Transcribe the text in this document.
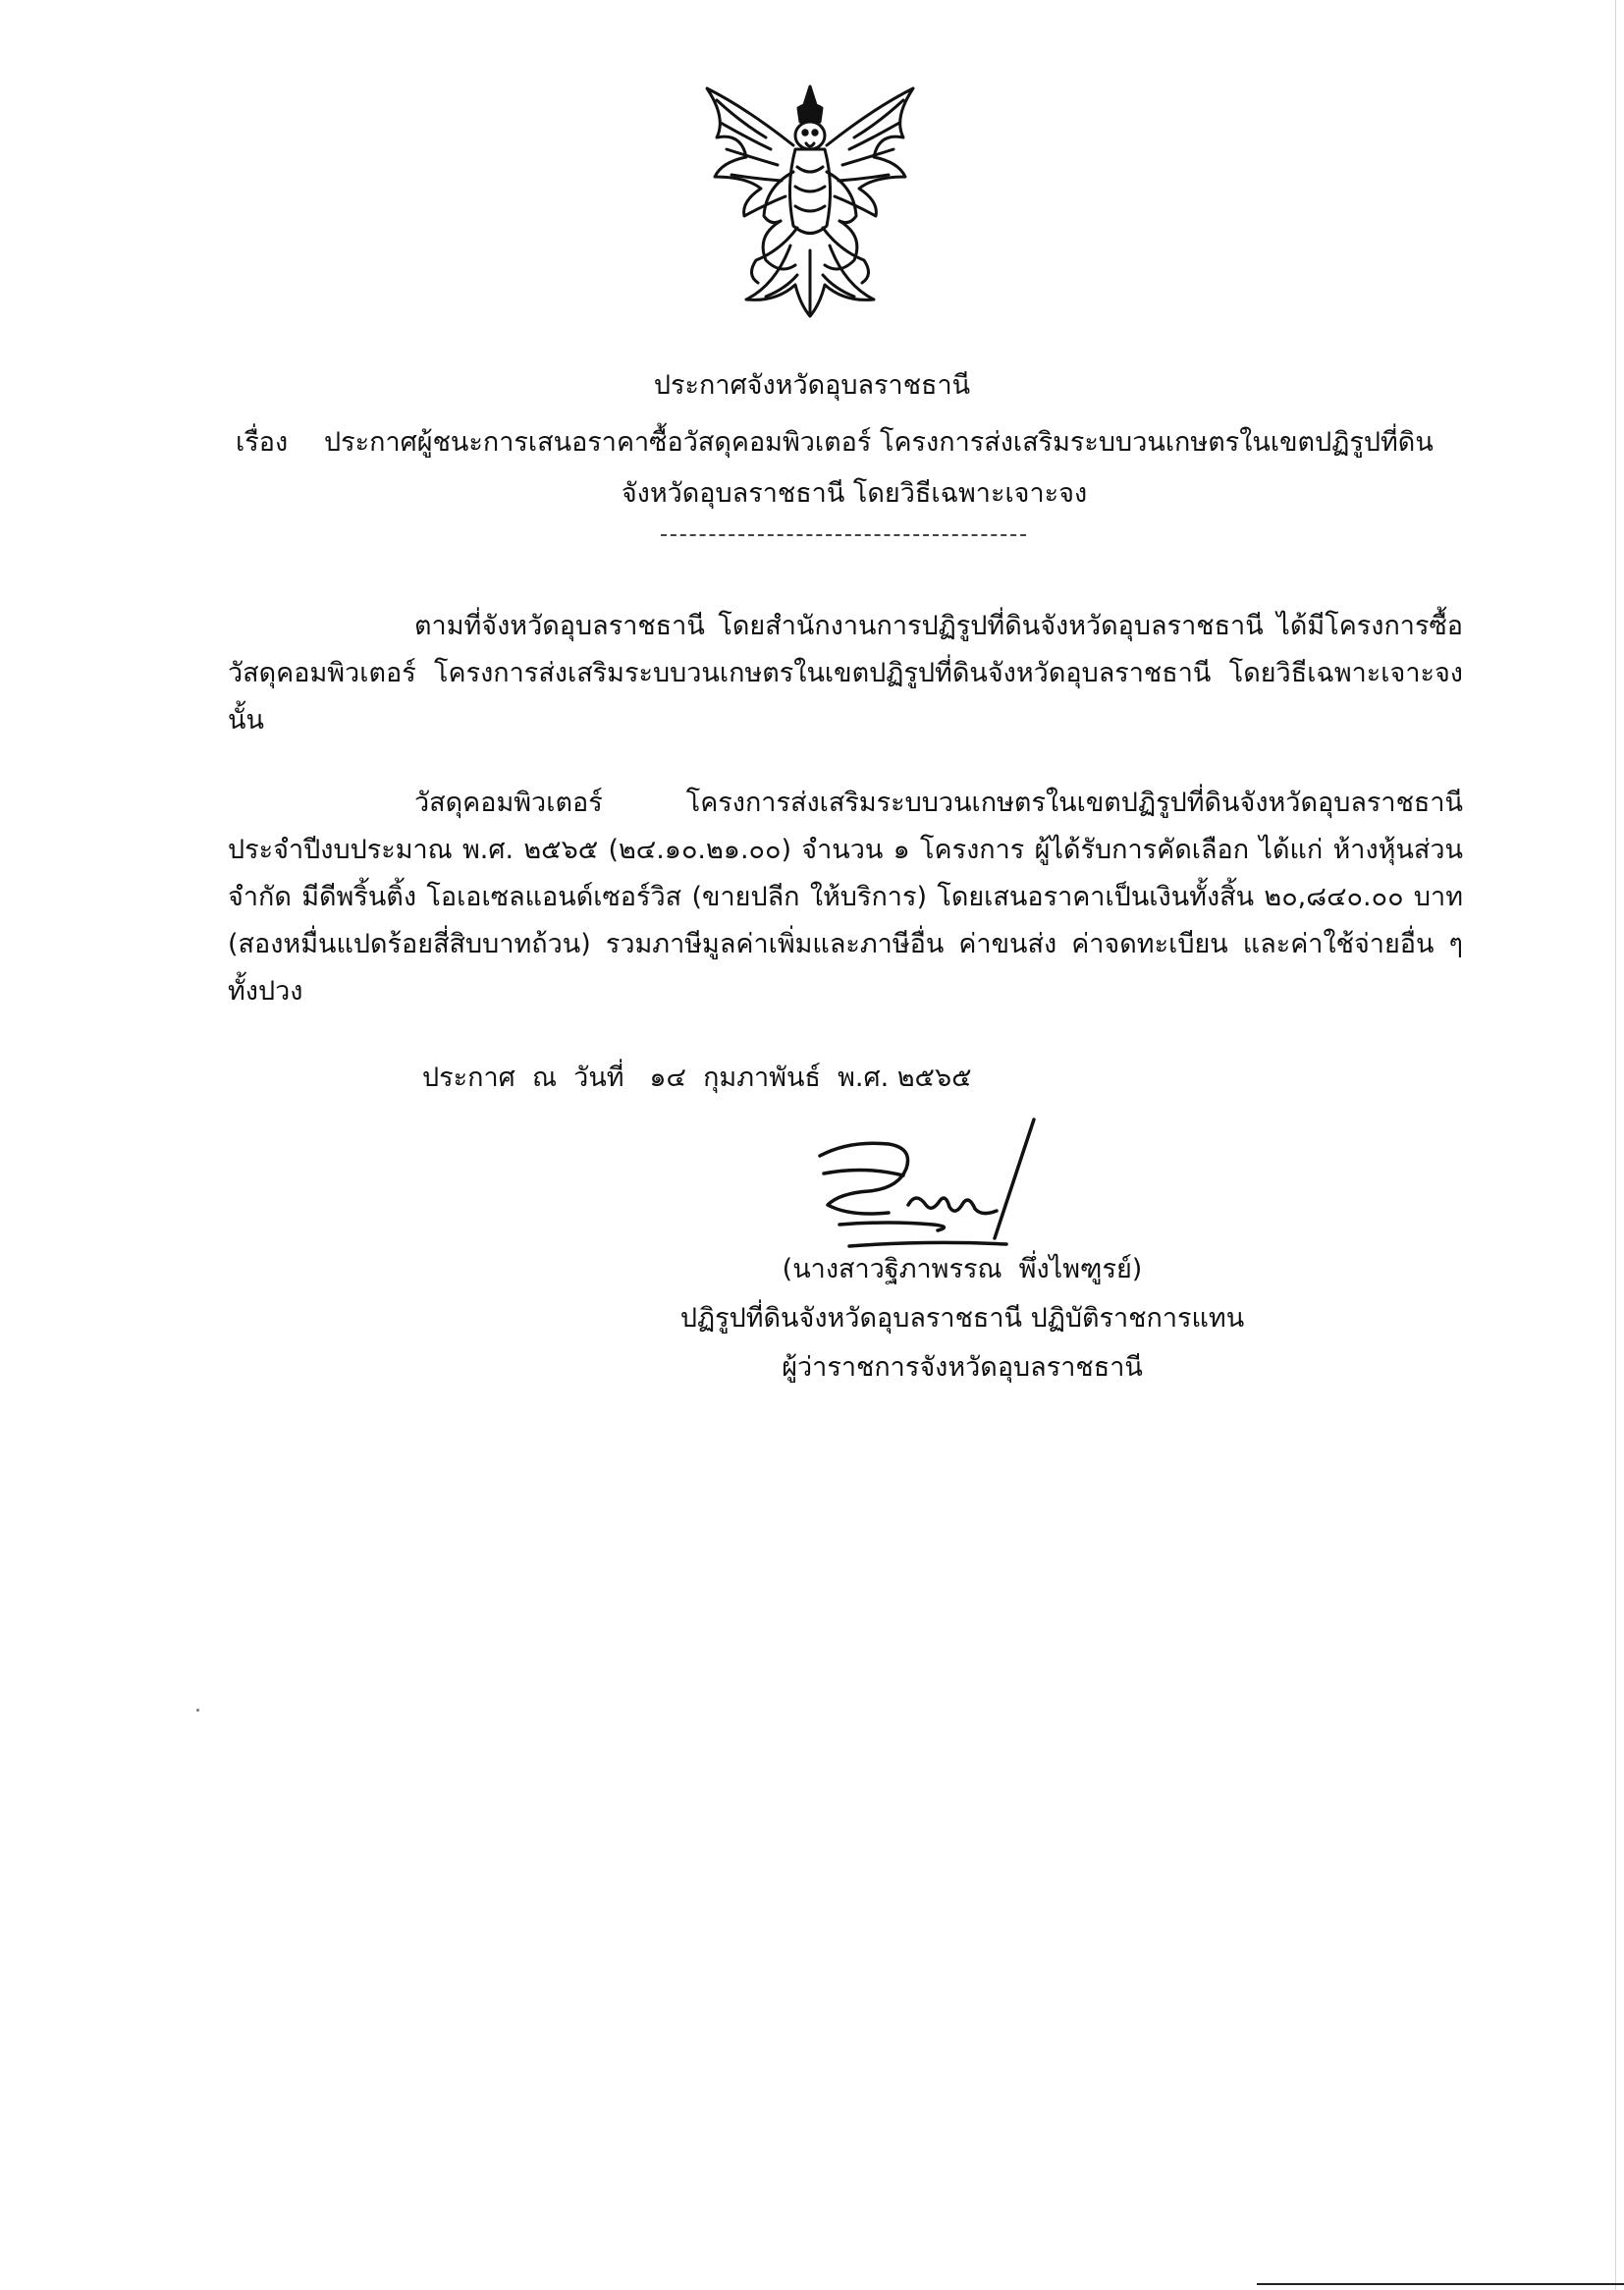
ประกาศจังหวัดอุบลราชธานี
เรื่อง ประกาศผู้ชนะการเสนอราคาซื้อวัสดุคอมพิวเตอร์ โครงการส่งเสริมระบบวนเกษตรในเขตปฏิรูปที่ดิน
จังหวัดอุบลราชธานี โดยวิธีเฉพาะเจาะจง

ตามที่จังหวัดอุบลราชธานี โดยสำนักงานการปฏิรูปที่ดินจังหวัดอุบลราชธานี ได้มีโครงการซื้อวัสดุคอมพิวเตอร์ โครงการส่งเสริมระบบวนเกษตรในเขตปฏิรูปที่ดินจังหวัดอุบลราชธานี โดยวิธีเฉพาะเจาะจง นั้น

วัสดุคอมพิวเตอร์ โครงการส่งเสริมระบบวนเกษตรในเขตปฏิรูปที่ดินจังหวัดอุบลราชธานี ประจำปีงบประมาณ พ.ศ. ๒๕๖๕ (๒๔.๑๐.๒๑.๐๐) จำนวน ๑ โครงการ ผู้ได้รับการคัดเลือก ได้แก่ ห้างหุ้นส่วนจำกัด มีดีพริ้นติ้ง โอเอเซลแอนด์เซอร์วิส (ขายปลีก ให้บริการ) โดยเสนอราคาเป็นเงินทั้งสิ้น ๒๐,๘๔๐.๐๐ บาท (สองหมื่นแปดร้อยสี่สิบบาทถ้วน) รวมภาษีมูลค่าเพิ่มและภาษีอื่น ค่าขนส่ง ค่าจดทะเบียน และค่าใช้จ่ายอื่น ๆ ทั้งปวง

ประกาศ  ณ  วันที่   ๑๔  กุมภาพันธ์  พ.ศ. ๒๕๖๕
(นางสาวฐิภาพรรณ  พึ่งไพฑูรย์)
ปฏิรูปที่ดินจังหวัดอุบลราชธานี ปฏิบัติราชการแทน
ผู้ว่าราชการจังหวัดอุบลราชธานี
